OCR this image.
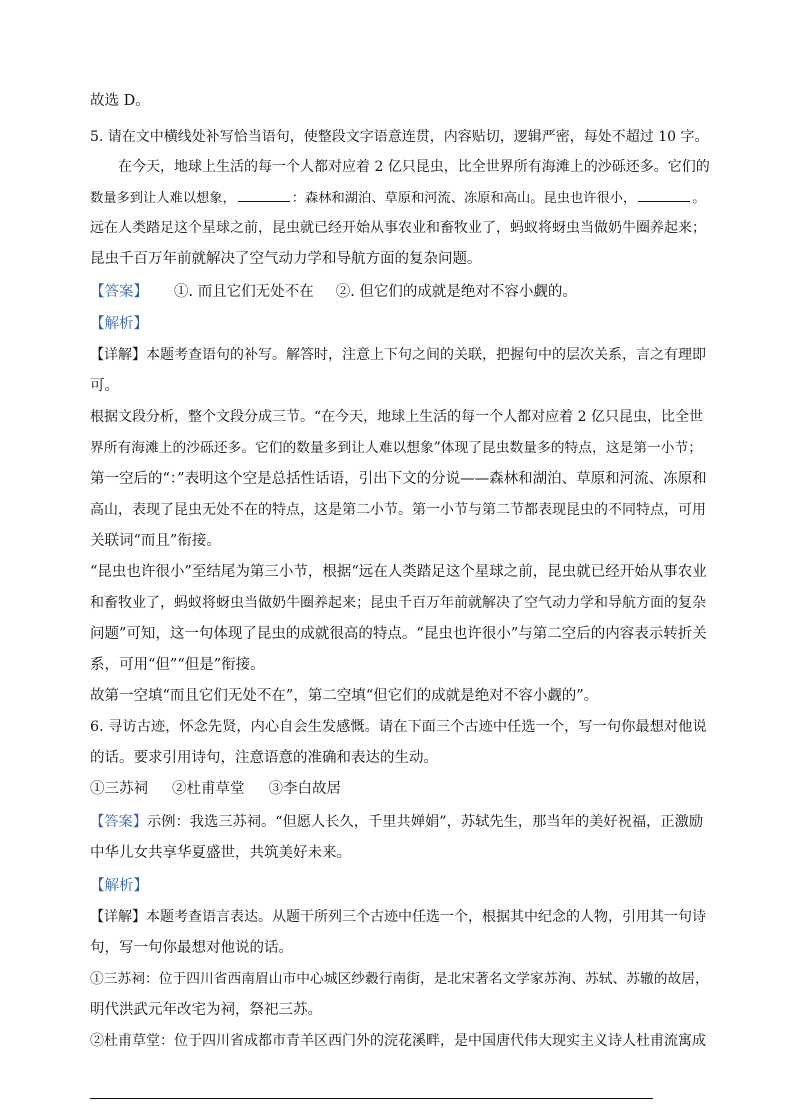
故选 D。
5. 请在文中横线处补写恰当语句，使整段文字语意连贯，内容贴切，逻辑严密，每处不超过 10 字。
在今天，地球上生活的每一个人都对应着 2 亿只昆虫，比全世界所有海滩上的沙砾还多。它们的
数量多到让人难以想象，	：森林和湖泊、草原和河流、冻原和高山。昆虫也许很小，	。
远在人类踏足这个星球之前，昆虫就已经开始从事农业和畜牧业了，蚂蚁将蚜虫当做奶牛圈养起来；
昆虫千百万年前就解决了空气动力学和导航方面的复杂问题。
【答案】 ①. 而且它们无处不在 ②. 但它们的成就是绝对不容小觑的。
【解析】
【详解】本题考查语句的补写。解答时，注意上下句之间的关联，把握句中的层次关系，言之有理即
可。
根据文段分析，整个文段分成三节。“在今天，地球上生活的每一个人都对应着 2 亿只昆虫，比全世
界所有海滩上的沙砾还多。它们的数量多到让人难以想象”体现了昆虫数量多的特点，这是第一小节；
第一空后的“：”表明这个空是总括性话语，引出下文的分说——森林和湖泊、草原和河流、冻原和
高山，表现了昆虫无处不在的特点，这是第二小节。第一小节与第二节都表现昆虫的不同特点，可用
关联词“而且”衔接。
“昆虫也许很小”至结尾为第三小节，根据“远在人类踏足这个星球之前，昆虫就已经开始从事农业
和畜牧业了，蚂蚁将蚜虫当做奶牛圈养起来；昆虫千百万年前就解决了空气动力学和导航方面的复杂
问题”可知，这一句体现了昆虫的成就很高的特点。“昆虫也许很小”与第二空后的内容表示转折关
系，可用“但”“但是”衔接。
故第一空填“而且它们无处不在”，第二空填“但它们的成就是绝对不容小觑的”。
6. 寻访古迹，怀念先贤，内心自会生发感慨。请在下面三个古迹中任选一个，写一句你最想对他说
的话。要求引用诗句，注意语意的准确和表达的生动。
①三苏祠 ②杜甫草堂 ③李白故居
【答案】示例：我选三苏祠。“但愿人长久，千里共婵娟”，苏轼先生，那当年的美好祝福，正激励
中华儿女共享华夏盛世，共筑美好未来。
【解析】
【详解】本题考查语言表达。从题干所列三个古迹中任选一个，根据其中纪念的人物，引用其一句诗
句，写一句你最想对他说的话。
①三苏祠：位于四川省西南眉山市中心城区纱縠行南街，是北宋著名文学家苏洵、苏轼、苏辙的故居，
明代洪武元年改宅为祠，祭祀三苏。
②杜甫草堂：位于四川省成都市青羊区西门外的浣花溪畔，是中国唐代伟大现实主义诗人杜甫流寓成
